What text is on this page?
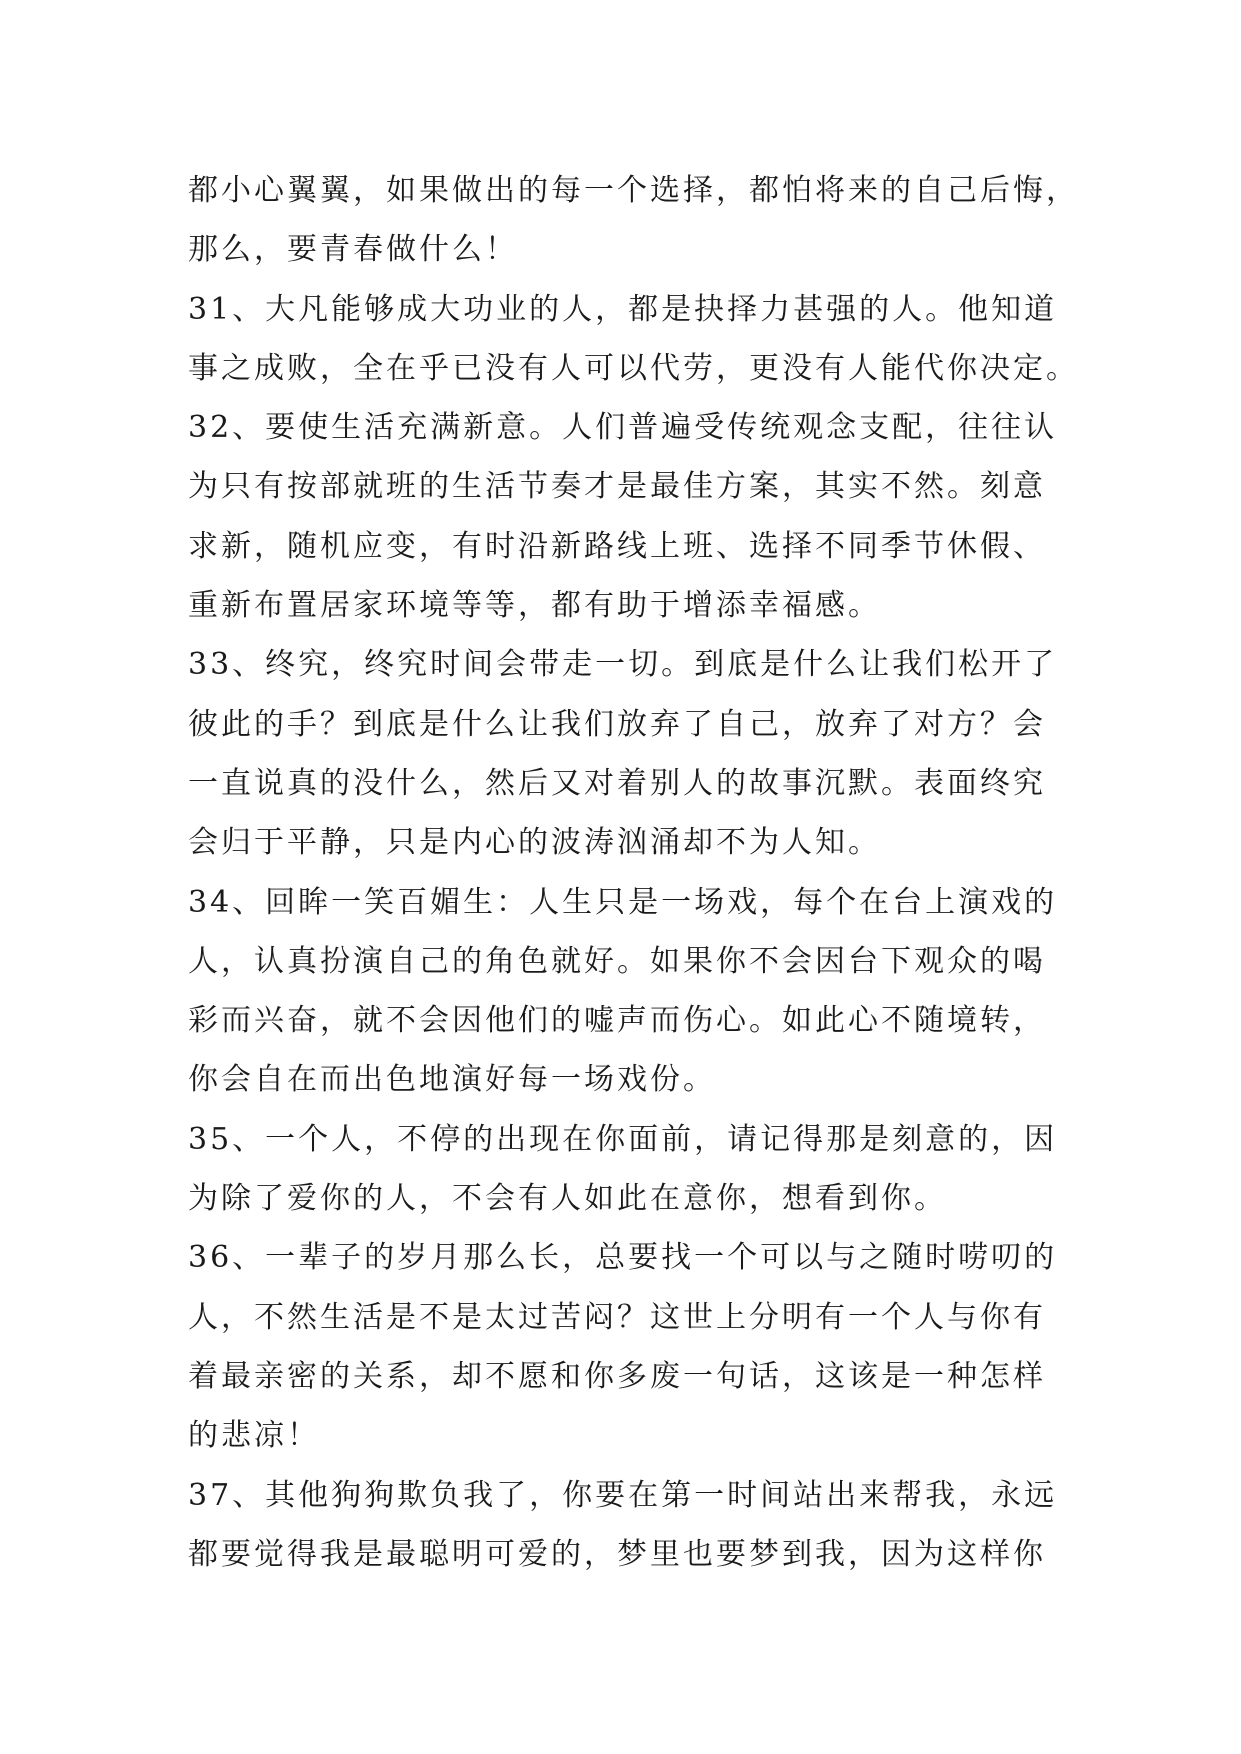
都小心翼翼，如果做出的每一个选择，都怕将来的自己后悔，
那么，要青春做什么！
31、大凡能够成大功业的人，都是抉择力甚强的人。他知道
事之成败，全在乎已没有人可以代劳，更没有人能代你决定。
32、要使生活充满新意。人们普遍受传统观念支配，往往认
为只有按部就班的生活节奏才是最佳方案，其实不然。刻意
求新，随机应变，有时沿新路线上班、选择不同季节休假、
重新布置居家环境等等，都有助于增添幸福感。
33、终究，终究时间会带走一切。到底是什么让我们松开了
彼此的手？到底是什么让我们放弃了自己，放弃了对方？会
一直说真的没什么，然后又对着别人的故事沉默。表面终究
会归于平静，只是内心的波涛汹涌却不为人知。
34、回眸一笑百媚生：人生只是一场戏，每个在台上演戏的
人，认真扮演自己的角色就好。如果你不会因台下观众的喝
彩而兴奋，就不会因他们的嘘声而伤心。如此心不随境转，
你会自在而出色地演好每一场戏份。
35、一个人，不停的出现在你面前，请记得那是刻意的，因
为除了爱你的人，不会有人如此在意你，想看到你。
36、一辈子的岁月那么长，总要找一个可以与之随时唠叨的
人，不然生活是不是太过苦闷？这世上分明有一个人与你有
着最亲密的关系，却不愿和你多废一句话，这该是一种怎样
的悲凉！
37、其他狗狗欺负我了，你要在第一时间站出来帮我，永远
都要觉得我是最聪明可爱的，梦里也要梦到我，因为这样你
